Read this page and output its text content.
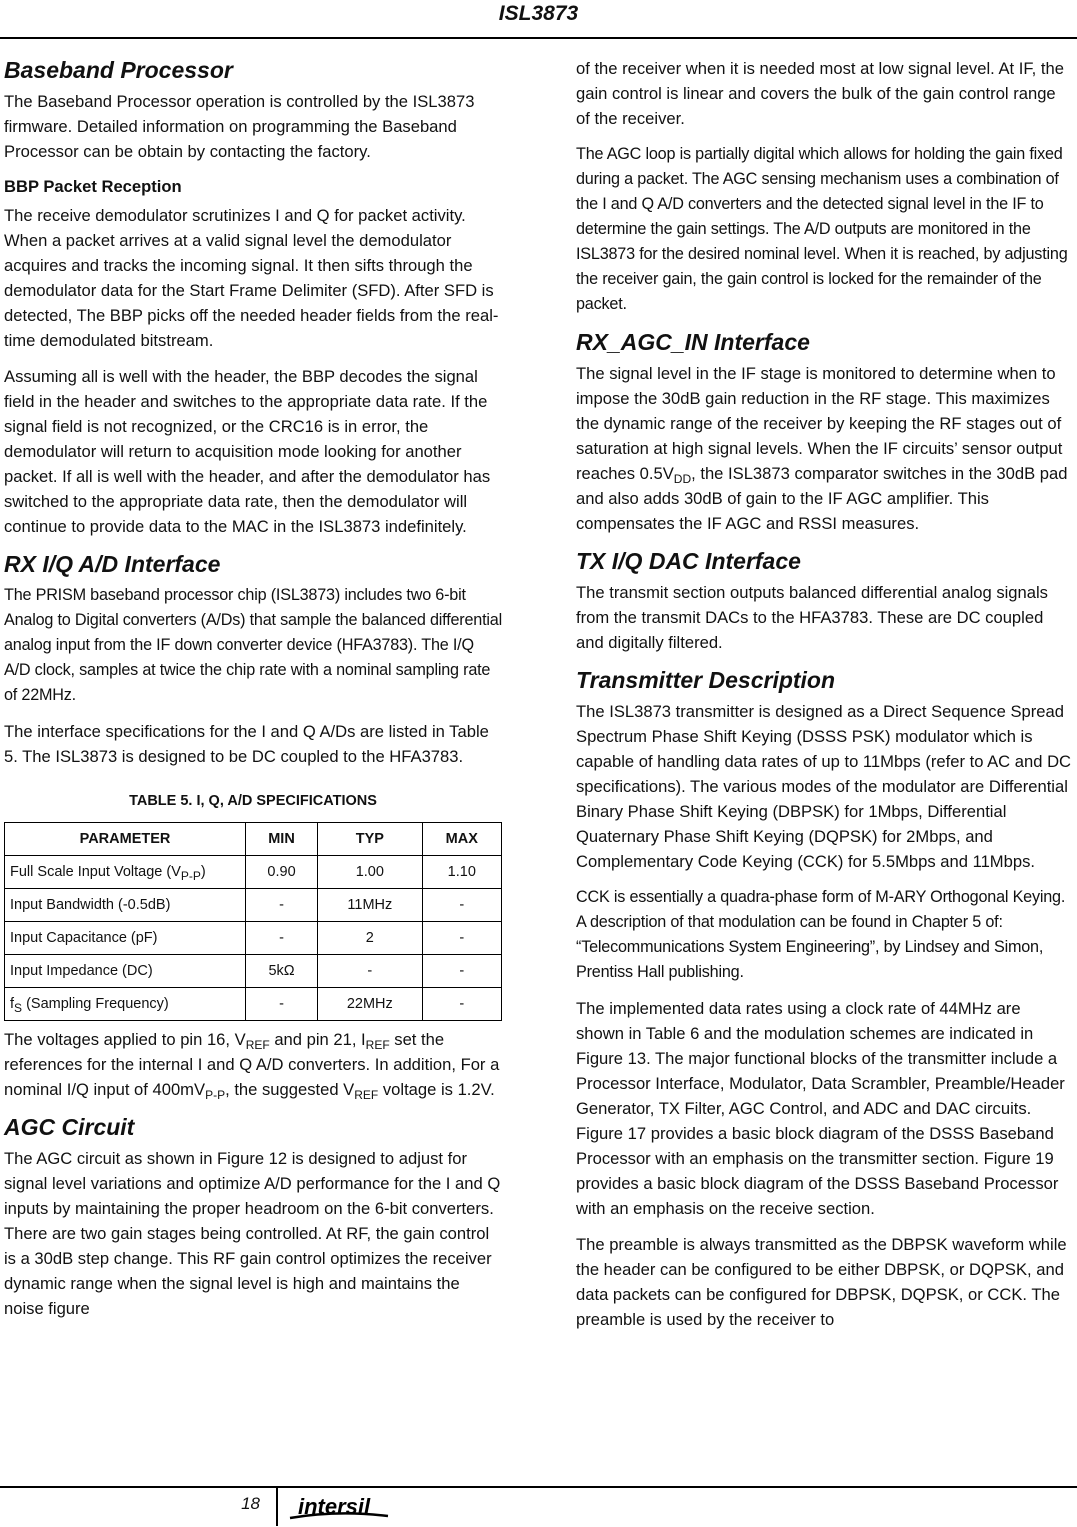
ISL3873
Baseband Processor

The Baseband Processor operation is controlled by the ISL3873 firmware. Detailed information on programming the Baseband Processor can be obtain by contacting the factory.

BBP Packet Reception

The receive demodulator scrutinizes I and Q for packet activity. When a packet arrives at a valid signal level the demodulator acquires and tracks the incoming signal. It then sifts through the demodulator data for the Start Frame Delimiter (SFD). After SFD is detected, The BBP picks off the needed header fields from the real-time demodulated bitstream.

Assuming all is well with the header, the BBP decodes the signal field in the header and switches to the appropriate data rate. If the signal field is not recognized, or the CRC16 is in error, the demodulator will return to acquisition mode looking for another packet. If all is well with the header, and after the demodulator has switched to the appropriate data rate, then the demodulator will continue to provide data to the MAC in the ISL3873 indefinitely.

RX I/Q A/D Interface

The PRISM baseband processor chip (ISL3873) includes two 6-bit Analog to Digital converters (A/Ds) that sample the balanced differential analog input from the IF down converter device (HFA3783). The I/Q A/D clock, samples at twice the chip rate with a nominal sampling rate of 22MHz.

The interface specifications for the I and Q A/Ds are listed in Table 5. The ISL3873 is designed to be DC coupled to the HFA3783.

TABLE 5. I, Q, A/D SPECIFICATIONS
PARAMETER	MIN	TYP	MAX
Full Scale Input Voltage $(V_{P-P})$	0.90	1.00	1.10
Input Bandwidth (-0.5dB)	-	11MHz	-
Input Capacitance (pF)	-	2	-
Input Impedance (DC)	5kΩ	-	-
$f_S$ (Sampling Frequency)	-	22MHz	-

The voltages applied to pin 16, $V_{REF}$ and pin 21, $I_{REF}$ set the references for the internal I and Q A/D converters. In addition, For a nominal I/Q input of $400mV_{P-P}$, the suggested $V_{REF}$ voltage is 1.2V.

AGC Circuit

The AGC circuit as shown in Figure 12 is designed to adjust for signal level variations and optimize A/D performance for the I and Q inputs by maintaining the proper headroom on the 6-bit converters. There are two gain stages being controlled. At RF, the gain control is a 30dB step change. This RF gain control optimizes the receiver dynamic range when the signal level is high and maintains the noise figure

of the receiver when it is needed most at low signal level. At IF, the gain control is linear and covers the bulk of the gain control range of the receiver.

The AGC loop is partially digital which allows for holding the gain fixed during a packet. The AGC sensing mechanism uses a combination of the I and Q A/D converters and the detected signal level in the IF to determine the gain settings. The A/D outputs are monitored in the ISL3873 for the desired nominal level. When it is reached, by adjusting the receiver gain, the gain control is locked for the remainder of the packet.

RX_AGC_IN Interface

The signal level in the IF stage is monitored to determine when to impose the 30dB gain reduction in the RF stage. This maximizes the dynamic range of the receiver by keeping the RF stages out of saturation at high signal levels. When the IF circuits’ sensor output reaches $0.5V_{DD}$, the ISL3873 comparator switches in the 30dB pad and also adds 30dB of gain to the IF AGC amplifier. This compensates the IF AGC and RSSI measures.

TX I/Q DAC Interface

The transmit section outputs balanced differential analog signals from the transmit DACs to the HFA3783. These are DC coupled and digitally filtered.

Transmitter Description

The ISL3873 transmitter is designed as a Direct Sequence Spread Spectrum Phase Shift Keying (DSSS PSK) modulator which is capable of handling data rates of up to 11Mbps (refer to AC and DC specifications). The various modes of the modulator are Differential Binary Phase Shift Keying (DBPSK) for 1Mbps, Differential Quaternary Phase Shift Keying (DQPSK) for 2Mbps, and Complementary Code Keying (CCK) for 5.5Mbps and 11Mbps.

CCK is essentially a quadra-phase form of M-ARY Orthogonal Keying. A description of that modulation can be found in Chapter 5 of: “Telecommunications System Engineering”, by Lindsey and Simon, Prentiss Hall publishing.

The implemented data rates using a clock rate of 44MHz are shown in Table 6 and the modulation schemes are indicated in Figure 13. The major functional blocks of the transmitter include a Processor Interface, Modulator, Data Scrambler, Preamble/Header Generator, TX Filter, AGC Control, and ADC and DAC circuits. Figure 17 provides a basic block diagram of the DSSS Baseband Processor with an emphasis on the transmitter section. Figure 19 provides a basic block diagram of the DSSS Baseband Processor with an emphasis on the receive section.

The preamble is always transmitted as the DBPSK waveform while the header can be configured to be either DBPSK, or DQPSK, and data packets can be configured for DBPSK, DQPSK, or CCK. The preamble is used by the receiver to

18 intersil
